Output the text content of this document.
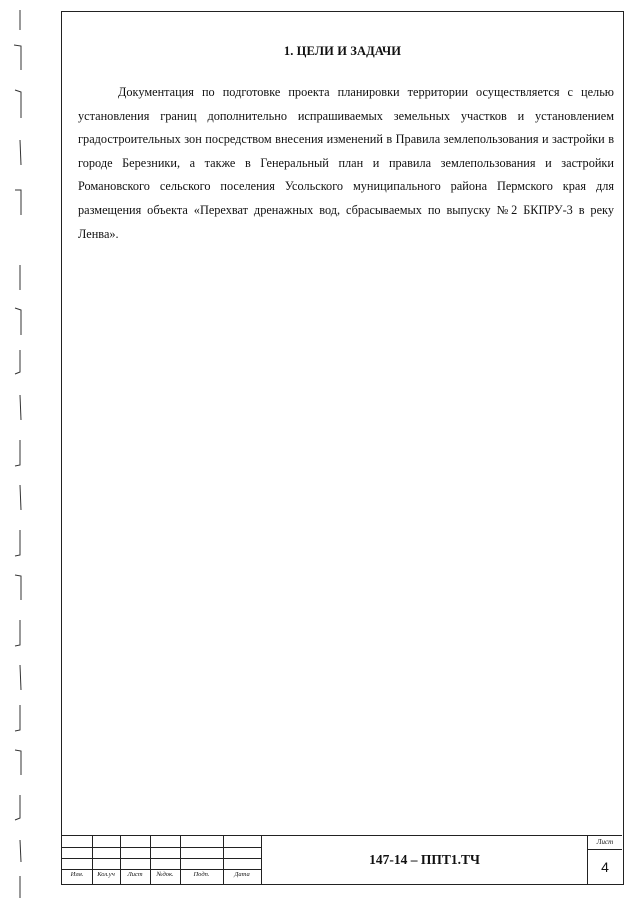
1. ЦЕЛИ И ЗАДАЧИ

Документация по подготовке проекта планировки территории осуществляется с целью установления границ дополнительно испрашиваемых земельных участков и установлением градостроительных зон посредством внесения изменений в Правила землепользования и застройки в городе Березники, а также в Генеральный план и правила землепользования и застройки Романовского сельского поселения Усольского муниципального района Пермского края для размещения объекта «Перехват дренажных вод, сбрасываемых по выпуску №2 БКПРУ-3 в реку Ленва».

Изм.	Кол.уч	Лист	№док.	Подп.	Дата
147-14 – ППТ1.ТЧ
Лист
4
